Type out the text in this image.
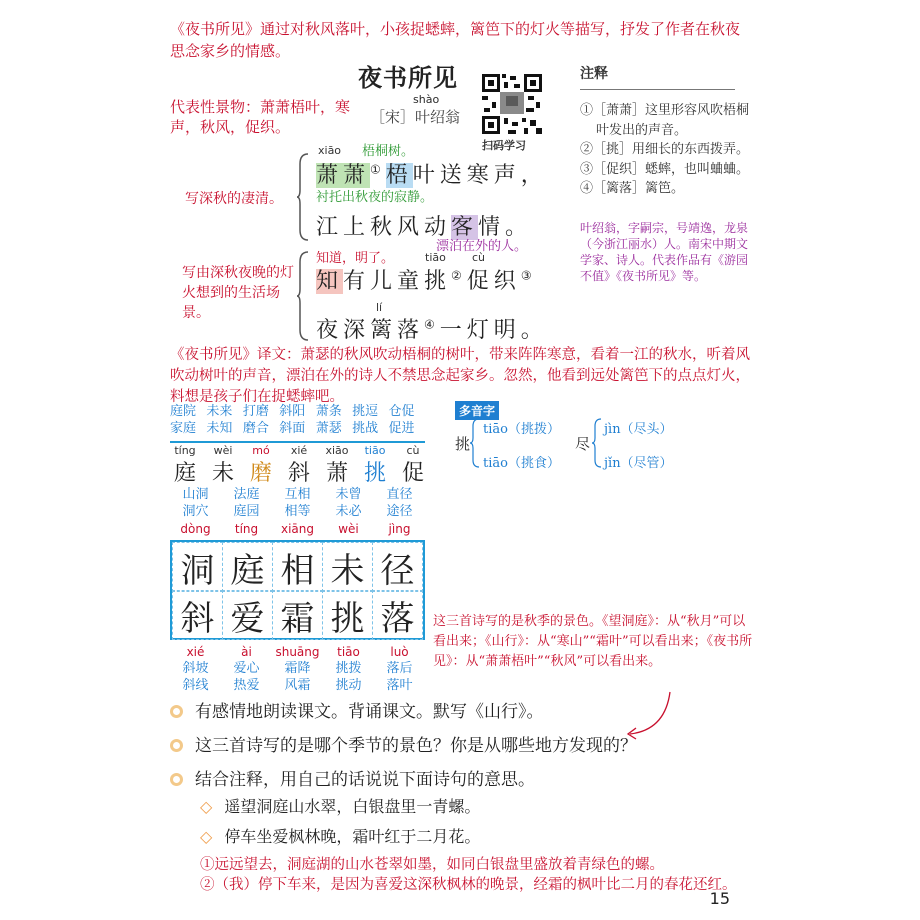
《夜书所见》通过对秋风落叶，小孩捉蟋蟀，篱笆下的灯火等描写，抒发了作者在秋夜思念家乡的情感。
夜书所见
shào
［宋］叶绍翁
扫码学习
代表性景物：萧萧梧叶，寒声，秋风，促织。
注释
①［萧萧］这里形容风吹梧桐叶发出的声音。
②［挑］用细长的东西拨弄。
③［促织］蟋蟀，也叫蛐蛐。
④［篱落］篱笆。
叶绍翁，字嗣宗，号靖逸，龙泉（今浙江丽水）人。南宋中期文学家、诗人。代表作品有《游园不值》《夜书所见》等。
写深秋的凄清。
写由深秋夜晚的灯火想到的生活场景。
xiāo 梧桐树。
萧萧①梧叶送寒声，
衬托出秋夜的寂静。
江上秋风动客情。
漂泊在外的人。
知道，明了。	tiāo cù
知有儿童挑②促织③
lí
夜深篱落④一灯明。
《夜书所见》译文：萧瑟的秋风吹动梧桐的树叶，带来阵阵寒意，看着一江的秋水，听着风吹动树叶的声音，漂泊在外的诗人不禁思念起家乡。忽然，他看到远处篱笆下的点点灯火，料想是孩子们在捉蟋蟀吧。
庭院 未来 打磨 斜阳 萧条 挑逗 仓促
家庭 未知 磨合 斜面 萧瑟 挑战 促进
tíng	wèi	mó	xié	xiāo	tiāo	cù
庭 未 磨 斜 萧 挑 促
多音字
挑
tiāo（挑拨）
tiāo（挑食）
尽
jìn（尽头）
jǐn（尽管）
山洞	法庭	互相	未曾	直径
洞穴	庭园	相等	未必	途径
dòng	tíng	xiāng	wèi	jìng
洞 庭 相 未 径
斜 爱 霜 挑 落
xié	ài	shuāng	tiāo	luò
斜坡	爱心	霜降	挑拨	落后
斜线	热爱	风霜	挑动	落叶
这三首诗写的是秋季的景色。《望洞庭》：从“秋月”可以看出来；《山行》：从“寒山”“霜叶”可以看出来；《夜书所见》：从“萧萧梧叶”“秋风”可以看出来。
有感情地朗读课文。背诵课文。默写《山行》。
这三首诗写的是哪个季节的景色？你是从哪些地方发现的？
结合注释，用自己的话说说下面诗句的意思。
◇ 遥望洞庭山水翠，白银盘里一青螺。
◇ 停车坐爱枫林晚，霜叶红于二月花。
①远远望去，洞庭湖的山水苍翠如墨，如同白银盘里盛放着青绿色的螺。
②（我）停下车来，是因为喜爱这深秋枫林的晚景，经霜的枫叶比二月的春花还红。
15
